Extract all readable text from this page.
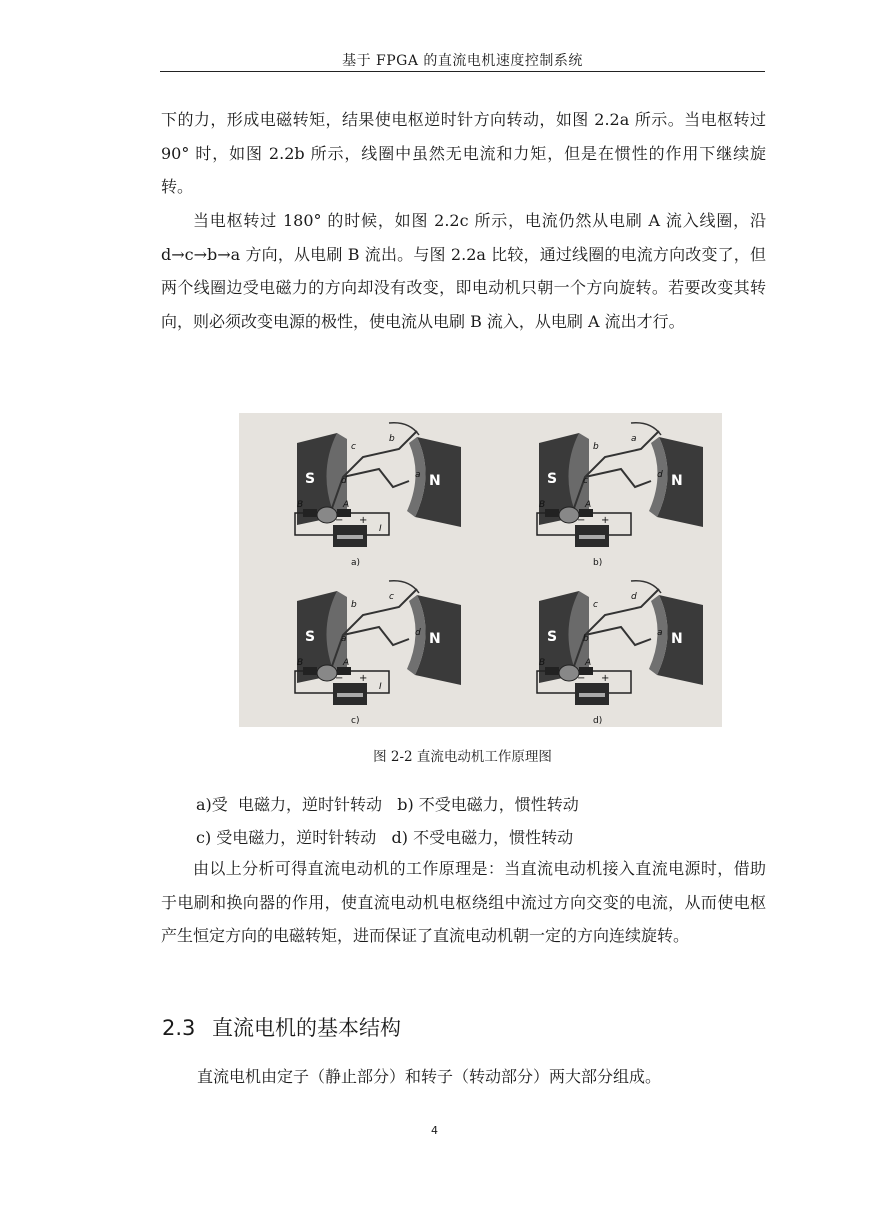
基于 FPGA 的直流电机速度控制系统
下的力，形成电磁转矩，结果使电枢逆时针方向转动，如图 2.2a 所示。当电枢转过 90° 时，如图 2.2b 所示，线圈中虽然无电流和力矩，但是在惯性的作用下继续旋转。
当电枢转过 180° 的时候，如图 2.2c 所示，电流仍然从电刷 A 流入线圈，沿 d→c→b→a 方向，从电刷 B 流出。与图 2.2a 比较，通过线圈的电流方向改变了，但两个线圈边受电磁力的方向却没有改变，即电动机只朝一个方向旋转。若要改变其转向，则必须改变电源的极性，使电流从电刷 B 流入，从电刷 A 流出才行。
S	N
− +
B	A
c
b
d
a
I
a)
S	N
− +
B	A
b
a
c
d
b)
S	N
− +
B	A
b
c
a
d
I
c)
S	N
− +
B	A
c
d
b
a
d)
图 2-2 直流电动机工作原理图
a)受  电磁力，逆时针转动   b) 不受电磁力，惯性转动
c) 受电磁力，逆时针转动   d) 不受电磁力，惯性转动
由以上分析可得直流电动机的工作原理是：当直流电动机接入直流电源时，借助于电刷和换向器的作用，使直流电动机电枢绕组中流过方向交变的电流，从而使电枢产生恒定方向的电磁转矩，进而保证了直流电动机朝一定的方向连续旋转。
2.3 直流电机的基本结构
直流电机由定子（静止部分）和转子（转动部分）两大部分组成。
4
